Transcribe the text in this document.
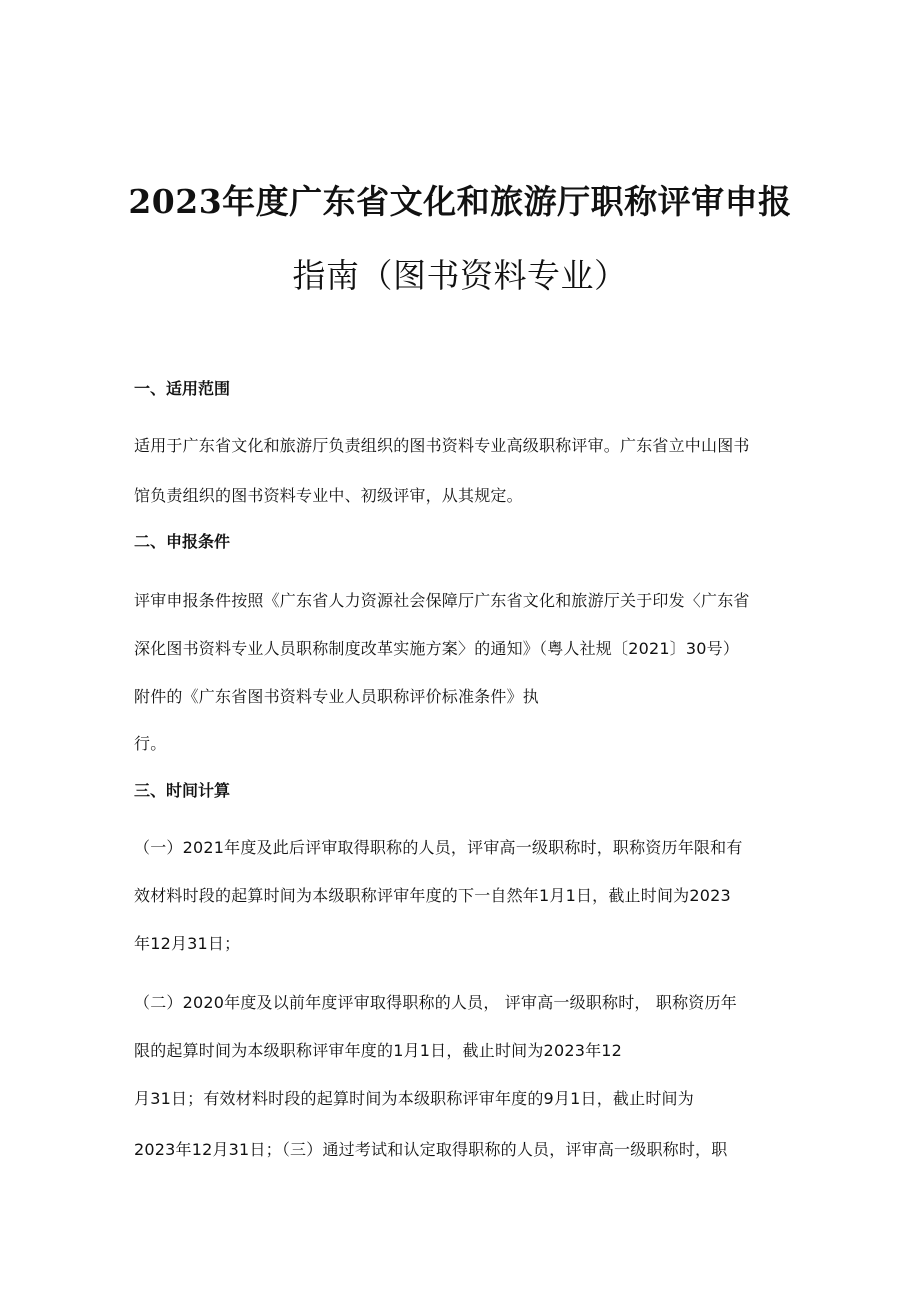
2023年度广东省文化和旅游厅职称评审申报
指南（图书资料专业）
一、适用范围
适用于广东省文化和旅游厅负责组织的图书资料专业高级职称评审。广东省立中山图书
馆负责组织的图书资料专业中、初级评审，从其规定。
二、申报条件
评审申报条件按照《广东省人力资源社会保障厅广东省文化和旅游厅关于印发〈广东省
深化图书资料专业人员职称制度改革实施方案〉的通知》（粤人社规〔2021〕30号）
附件的《广东省图书资料专业人员职称评价标准条件》执
行。
三、时间计算
（一）2021年度及此后评审取得职称的人员，评审高一级职称时，职称资历年限和有
效材料时段的起算时间为本级职称评审年度的下一自然年1月1日，截止时间为2023
年12月31日；
（二）2020年度及以前年度评审取得职称的人员， 评审高一级职称时， 职称资历年
限的起算时间为本级职称评审年度的1月1日，截止时间为2023年12
月31日；有效材料时段的起算时间为本级职称评审年度的9月1日，截止时间为
2023年12月31日；（三）通过考试和认定取得职称的人员，评审高一级职称时，职
